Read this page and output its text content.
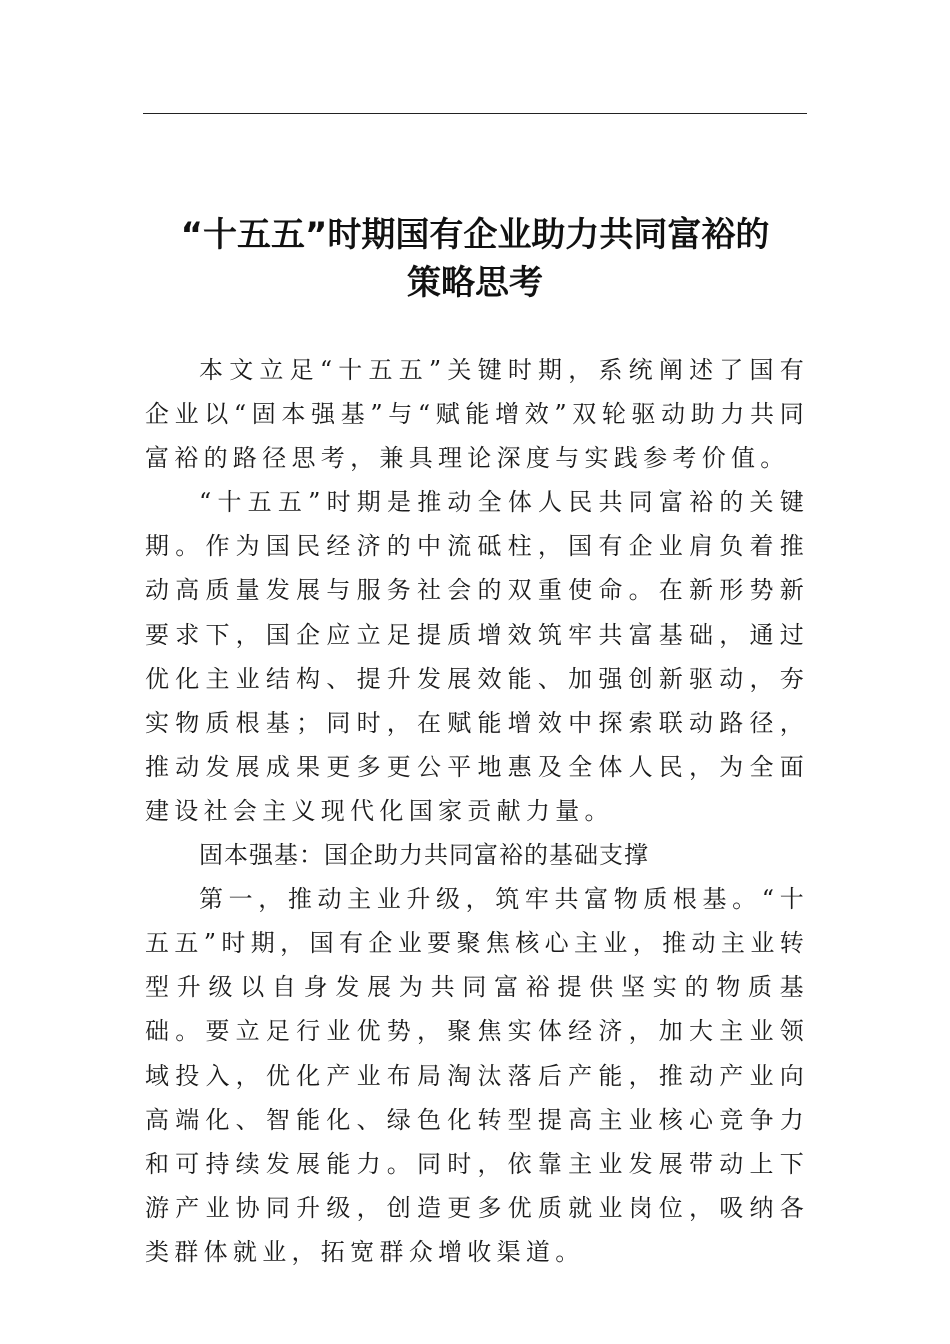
“十五五”时期国有企业助力共同富裕的
策略思考

本文立足“十五五”关键时期，系统阐述了国有企业以“固本强基”与“赋能增效”双轮驱动助力共同富裕的路径思考，兼具理论深度与实践参考价值。

“十五五”时期是推动全体人民共同富裕的关键期。作为国民经济的中流砥柱，国有企业肩负着推动高质量发展与服务社会的双重使命。在新形势新要求下，国企应立足提质增效筑牢共富基础，通过优化主业结构、提升发展效能、加强创新驱动，夯实物质根基；同时，在赋能增效中探索联动路径，推动发展成果更多更公平地惠及全体人民，为全面建设社会主义现代化国家贡献力量。

固本强基：国企助力共同富裕的基础支撑

第一，推动主业升级，筑牢共富物质根基。“十五五”时期，国有企业要聚焦核心主业，推动主业转型升级以自身发展为共同富裕提供坚实的物质基础。要立足行业优势，聚焦实体经济，加大主业领域投入，优化产业布局淘汰落后产能，推动产业向高端化、智能化、绿色化转型提高主业核心竞争力和可持续发展能力。同时，依靠主业发展带动上下游产业协同升级，创造更多优质就业岗位，吸纳各类群体就业，拓宽群众增收渠道。
